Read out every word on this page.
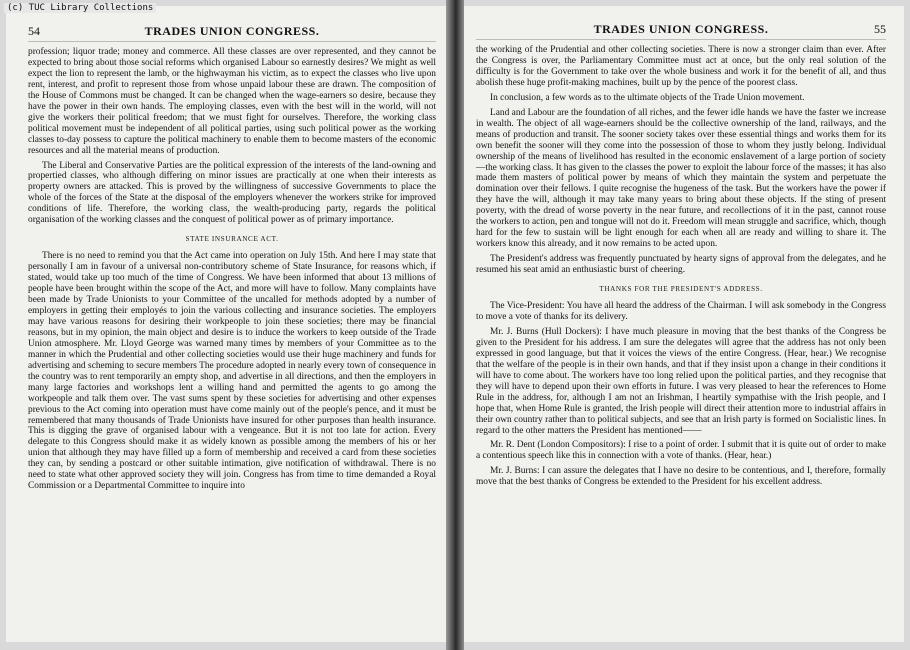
54	TRADES UNION CONGRESS.

profession; liquor trade; money and commerce. All these classes are over represented, and they cannot be expected to bring about those social reforms which organised Labour so earnestly desires? We might as well expect the lion to represent the lamb, or the highwayman his victim, as to expect the classes who live upon rent, interest, and profit to represent those from whose unpaid labour these are drawn. The composition of the House of Commons must be changed. It can be changed when the wage-earners so desire, because they have the power in their own hands. The employing classes, even with the best will in the world, will not give the workers their political freedom; that we must fight for ourselves. Therefore, the working class political movement must be independent of all political parties, using such political power as the working classes to-day possess to capture the political machinery to enable them to become masters of the economic resources and all the material means of production.

The Liberal and Conservative Parties are the political expression of the interests of the land-owning and propertied classes, who although differing on minor issues are practically at one when their interests as property owners are attacked. This is proved by the willingness of successive Governments to place the whole of the forces of the State at the disposal of the employers whenever the workers strike for improved conditions of life. Therefore, the working class, the wealth-producing party, regards the political organisation of the working classes and the conquest of political power as of primary importance.

STATE INSURANCE ACT.

There is no need to remind you that the Act came into operation on July 15th. And here I may state that personally I am in favour of a universal non-contributory scheme of State Insurance, for reasons which, if stated, would take up too much of the time of Congress. We have been informed that about 13 millions of people have been brought within the scope of the Act, and more will have to follow. Many complaints have been made by Trade Unionists to your Committee of the uncalled for methods adopted by a number of employers in getting their employés to join the various collecting and insurance societies. The employers may have various reasons for desiring their workpeople to join these societies; there may be financial reasons, but in my opinion, the main object and desire is to induce the workers to keep outside of the Trade Union atmosphere. Mr. Lloyd George was warned many times by members of your Committee as to the manner in which the Prudential and other collecting societies would use their huge machinery and funds for advertising and scheming to secure members The procedure adopted in nearly every town of consequence in the country was to rent temporarily an empty shop, and advertise in all directions, and then the employers in many large factories and workshops lent a willing hand and permitted the agents to go among the workpeople and talk them over. The vast sums spent by these societies for advertising and other expenses previous to the Act coming into operation must have come mainly out of the people's pence, and it must be remembered that many thousands of Trade Unionists have insured for other purposes than health insurance. This is digging the grave of organised labour with a vengeance. But it is not too late for action. Every delegate to this Congress should make it as widely known as possible among the members of his or her union that although they may have filled up a form of membership and received a card from these societies they can, by sending a postcard or other suitable intimation, give notification of withdrawal. There is no need to state what other approved society they will join. Congress has from time to time demanded a Royal Commission or a Departmental Committee to inquire into

TRADES UNION CONGRESS.	55

the working of the Prudential and other collecting societies. There is now a stronger claim than ever. After the Congress is over, the Parliamentary Committee must act at once, but the only real solution of the difficulty is for the Government to take over the whole business and work it for the benefit of all, and thus abolish these huge profit-making machines, built up by the pence of the poorest class.

In conclusion, a few words as to the ultimate objects of the Trade Union movement.

Land and Labour are the foundation of all riches, and the fewer idle hands we have the faster we increase in wealth. The object of all wage-earners should be the collective ownership of the land, railways, and the means of production and transit. The sooner society takes over these essential things and works them for its own benefit the sooner will they come into the possession of those to whom they justly belong. Individual ownership of the means of livelihood has resulted in the economic enslavement of a large portion of society—the working class. It has given to the classes the power to exploit the labour force of the masses; it has also made them masters of political power by means of which they maintain the system and perpetuate the domination over their fellows. I quite recognise the hugeness of the task. But the workers have the power if they have the will, although it may take many years to bring about these objects. If the sting of present poverty, with the dread of worse poverty in the near future, and recollections of it in the past, cannot rouse the workers to action, pen and tongue will not do it. Freedom will mean struggle and sacrifice, which, though hard for the few to sustain will be light enough for each when all are ready and willing to share it. The workers know this already, and it now remains to be acted upon.

The President's address was frequently punctuated by hearty signs of approval from the delegates, and he resumed his seat amid an enthusiastic burst of cheering.

THANKS FOR THE PRESIDENT'S ADDRESS.

The Vice-President: You have all heard the address of the Chairman. I will ask somebody in the Congress to move a vote of thanks for its delivery.

Mr. J. Burns (Hull Dockers): I have much pleasure in moving that the best thanks of the Congress be given to the President for his address. I am sure the delegates will agree that the address has not only been expressed in good language, but that it voices the views of the entire Congress. (Hear, hear.) We recognise that the welfare of the people is in their own hands, and that if they insist upon a change in their conditions it will have to come about. The workers have too long relied upon the political parties, and they recognise that they will have to depend upon their own efforts in future. I was very pleased to hear the references to Home Rule in the address, for, although I am not an Irishman, I heartily sympathise with the Irish people, and I hope that, when Home Rule is granted, the Irish people will direct their attention more to industrial affairs in their own country rather than to political subjects, and see that an Irish party is formed on Socialistic lines. In regard to the other matters the President has mentioned——

Mr. R. Dent (London Compositors): I rise to a point of order. I submit that it is quite out of order to make a contentious speech like this in connection with a vote of thanks. (Hear, hear.)

Mr. J. Burns: I can assure the delegates that I have no desire to be contentious, and I, therefore, formally move that the best thanks of Congress be extended to the President for his excellent address.

(c) TUC Library Collections
